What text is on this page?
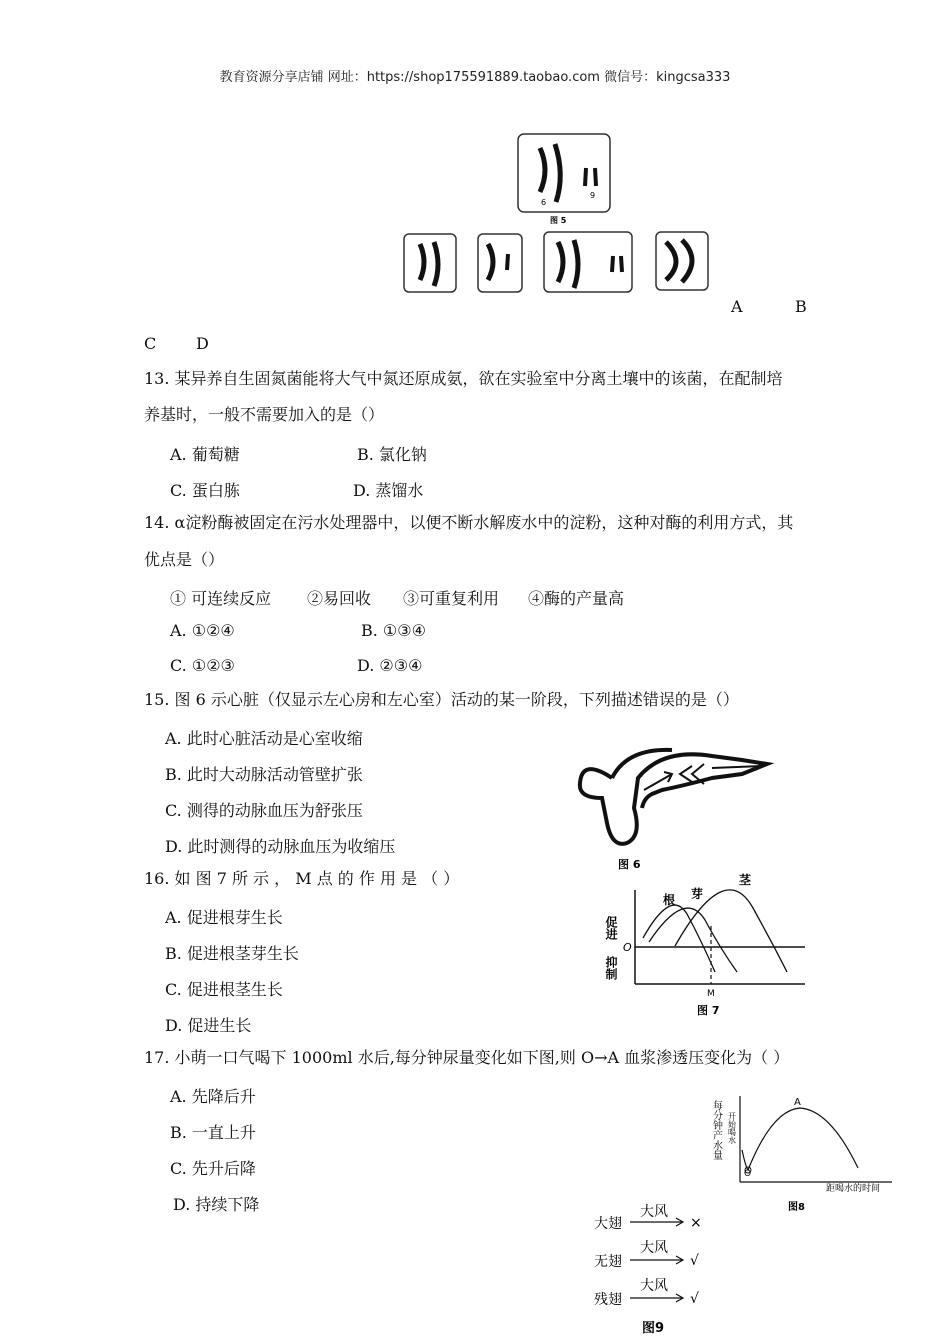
教育资源分享店铺 网址：https://shop175591889.taobao.com 微信号：kingcsa333
6
9
图 5
A	B
C D
13. 某异养自生固氮菌能将大气中氮还原成氨，欲在实验室中分离土壤中的该菌，在配制培
养基时，一般不需要加入的是（）
A. 葡萄糖	B. 氯化钠
C. 蛋白胨	D. 蒸馏水
14. α淀粉酶被固定在污水处理器中，以便不断水解废水中的淀粉，这种对酶的利用方式，其
优点是（）
① 可连续反应 ②易回收 ③可重复利用 ④酶的产量高
A. ①②④	B. ①③④
C. ①②③	D. ②③④
15. 图 6 示心脏（仅显示左心房和左心室）活动的某一阶段，下列描述错误的是（）
A. 此时心脏活动是心室收缩
B. 此时大动脉活动管壁扩张
C. 测得的动脉血压为舒张压
D. 此时测得的动脉血压为收缩压
图 6
16. 如 图 7 所 示 ， M 点 的 作 用 是 （ ）
A. 促进根芽生长
B. 促进根茎芽生长
C. 促进根茎生长
D. 促进生长
促进
抑制
O
根 芽
茎
M
图 7
17. 小萌一口气喝下 1000ml 水后,每分钟尿量变化如下图,则 O→A 血浆渗透压变化为（ ）
A. 先降后升
B. 一直上升
C. 先升后降
D. 持续下降
每分钟产水量 开始喝水
O
A
距喝水的时间
图8
大翅
大风
×
无翅
大风
√
残翅
大风
√
图9
